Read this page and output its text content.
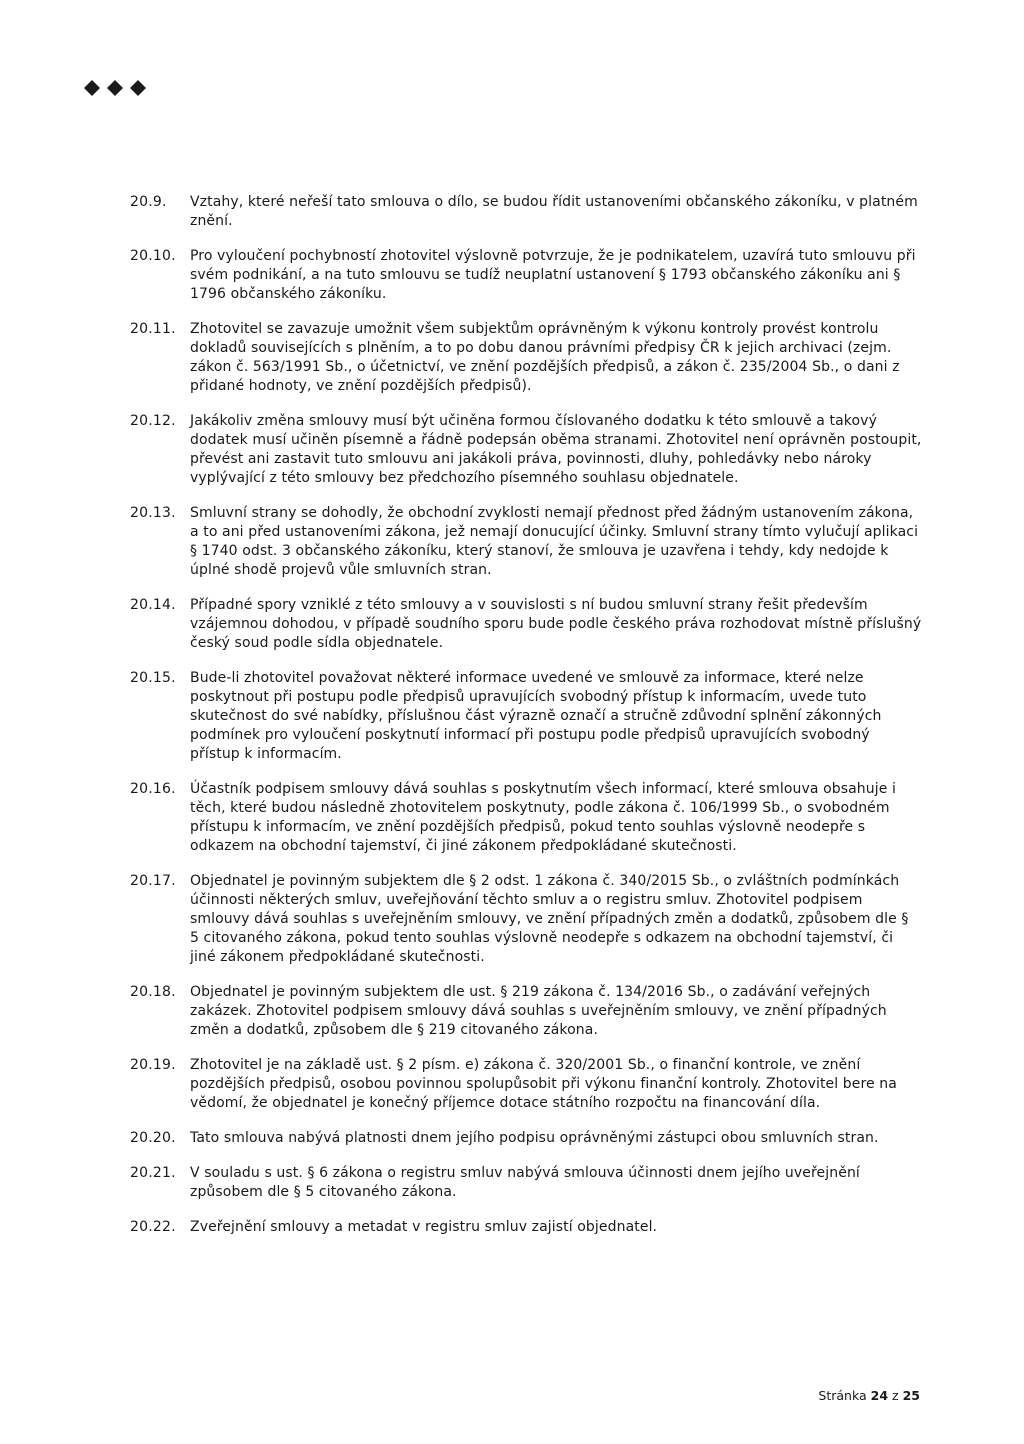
20.9.	Vztahy, které neřeší tato smlouva o dílo, se budou řídit ustanoveními občanského zákoníku, v platném znění.
20.10.	Pro vyloučení pochybností zhotovitel výslovně potvrzuje, že je podnikatelem, uzavírá tuto smlouvu při svém podnikání, a na tuto smlouvu se tudíž neuplatní ustanovení § 1793 občanského zákoníku ani § 1796 občanského zákoníku.
20.11.	Zhotovitel se zavazuje umožnit všem subjektům oprávněným k výkonu kontroly provést kontrolu dokladů souvisejících s plněním, a to po dobu danou právními předpisy ČR k jejich archivaci (zejm. zákon č. 563/1991 Sb., o účetnictví, ve znění pozdějších předpisů, a zákon č. 235/2004 Sb., o dani z přidané hodnoty, ve znění pozdějších předpisů).
20.12.	Jakákoliv změna smlouvy musí být učiněna formou číslovaného dodatku k této smlouvě a takový dodatek musí učiněn písemně a řádně podepsán oběma stranami. Zhotovitel není oprávněn postoupit, převést ani zastavit tuto smlouvu ani jakákoli práva, povinnosti, dluhy, pohledávky nebo nároky vyplývající z této smlouvy bez předchozího písemného souhlasu objednatele.
20.13.	Smluvní strany se dohodly, že obchodní zvyklosti nemají přednost před žádným ustanovením zákona, a to ani před ustanoveními zákona, jež nemají donucující účinky. Smluvní strany tímto vylučují aplikaci § 1740 odst. 3 občanského zákoníku, který stanoví, že smlouva je uzavřena i tehdy, kdy nedojde k úplné shodě projevů vůle smluvních stran.
20.14.	Případné spory vzniklé z této smlouvy a v souvislosti s ní budou smluvní strany řešit především vzájemnou dohodou, v případě soudního sporu bude podle českého práva rozhodovat místně příslušný český soud podle sídla objednatele.
20.15.	Bude-li zhotovitel považovat některé informace uvedené ve smlouvě za informace, které nelze poskytnout při postupu podle předpisů upravujících svobodný přístup k informacím, uvede tuto skutečnost do své nabídky, příslušnou část výrazně označí a stručně zdůvodní splnění zákonných podmínek pro vyloučení poskytnutí informací při postupu podle předpisů upravujících svobodný přístup k informacím.
20.16.	Účastník podpisem smlouvy dává souhlas s poskytnutím všech informací, které smlouva obsahuje i těch, které budou následně zhotovitelem poskytnuty, podle zákona č. 106/1999 Sb., o svobodném přístupu k informacím, ve znění pozdějších předpisů, pokud tento souhlas výslovně neodepře s odkazem na obchodní tajemství, či jiné zákonem předpokládané skutečnosti.
20.17.	Objednatel je povinným subjektem dle § 2 odst. 1 zákona č. 340/2015 Sb., o zvláštních podmínkách účinnosti některých smluv, uveřejňování těchto smluv a o registru smluv. Zhotovitel podpisem smlouvy dává souhlas s uveřejněním smlouvy, ve znění případných změn a dodatků, způsobem dle § 5 citovaného zákona, pokud tento souhlas výslovně neodepře s odkazem na obchodní tajemství, či jiné zákonem předpokládané skutečnosti.
20.18.	Objednatel je povinným subjektem dle ust. § 219 zákona č. 134/2016 Sb., o zadávání veřejných zakázek. Zhotovitel podpisem smlouvy dává souhlas s uveřejněním smlouvy, ve znění případných změn a dodatků, způsobem dle § 219 citovaného zákona.
20.19.	Zhotovitel je na základě ust. § 2 písm. e) zákona č. 320/2001 Sb., o finanční kontrole, ve znění pozdějších předpisů, osobou povinnou spolupůsobit při výkonu finanční kontroly. Zhotovitel bere na vědomí, že objednatel je konečný příjemce dotace státního rozpočtu na financování díla.
20.20.	Tato smlouva nabývá platnosti dnem jejího podpisu oprávněnými zástupci obou smluvních stran.
20.21.	V souladu s ust. § 6 zákona o registru smluv nabývá smlouva účinnosti dnem jejího uveřejnění způsobem dle § 5 citovaného zákona.
20.22.	Zveřejnění smlouvy a metadat v registru smluv zajistí objednatel.
Stránka 24 z 25
